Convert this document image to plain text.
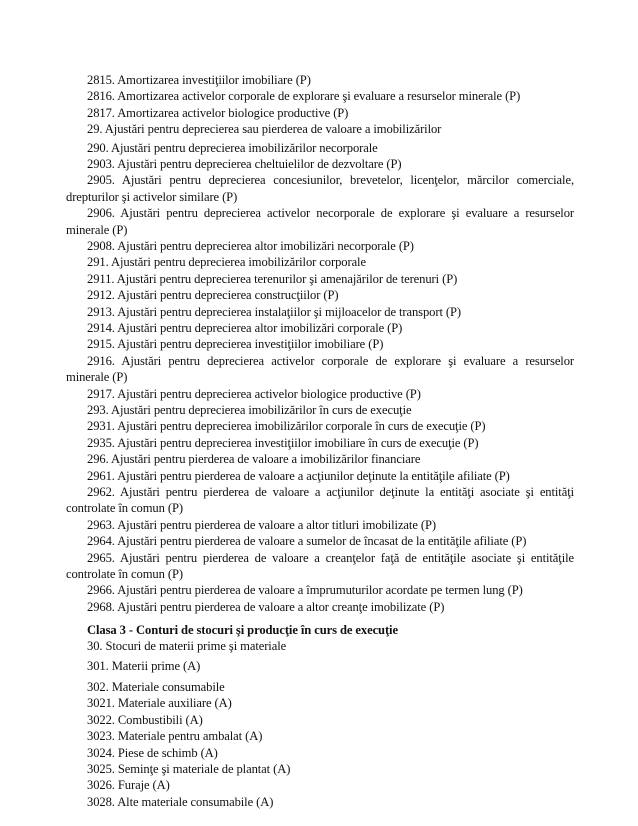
2815. Amortizarea investiţiilor imobiliare (P)
2816. Amortizarea activelor corporale de explorare şi evaluare a resurselor minerale (P)
2817. Amortizarea activelor biologice productive (P)
29. Ajustări pentru deprecierea sau pierderea de valoare a imobilizărilor
290. Ajustări pentru deprecierea imobilizărilor necorporale
2903. Ajustări pentru deprecierea cheltuielilor de dezvoltare (P)
2905. Ajustări pentru deprecierea concesiunilor, brevetelor, licenţelor, mărcilor comerciale,
drepturilor şi activelor similare (P)
2906. Ajustări pentru deprecierea activelor necorporale de explorare şi evaluare a resurselor
minerale (P)
2908. Ajustări pentru deprecierea altor imobilizări necorporale (P)
291. Ajustări pentru deprecierea imobilizărilor corporale
2911. Ajustări pentru deprecierea terenurilor şi amenajărilor de terenuri (P)
2912. Ajustări pentru deprecierea construcţiilor (P)
2913. Ajustări pentru deprecierea instalaţiilor şi mijloacelor de transport (P)
2914. Ajustări pentru deprecierea altor imobilizări corporale (P)
2915. Ajustări pentru deprecierea investiţiilor imobiliare (P)
2916. Ajustări pentru deprecierea activelor corporale de explorare şi evaluare a resurselor
minerale (P)
2917. Ajustări pentru deprecierea activelor biologice productive (P)
293. Ajustări pentru deprecierea imobilizărilor în curs de execuţie
2931. Ajustări pentru deprecierea imobilizărilor corporale în curs de execuţie (P)
2935. Ajustări pentru deprecierea investiţiilor imobiliare în curs de execuţie (P)
296. Ajustări pentru pierderea de valoare a imobilizărilor financiare
2961. Ajustări pentru pierderea de valoare a acţiunilor deţinute la entităţile afiliate (P)
2962. Ajustări pentru pierderea de valoare a acţiunilor deţinute la entităţi asociate şi entităţi
controlate în comun (P)
2963. Ajustări pentru pierderea de valoare a altor titluri imobilizate (P)
2964. Ajustări pentru pierderea de valoare a sumelor de încasat de la entităţile afiliate (P)
2965. Ajustări pentru pierderea de valoare a creanţelor faţă de entităţile asociate şi entităţile
controlate în comun (P)
2966. Ajustări pentru pierderea de valoare a împrumuturilor acordate pe termen lung (P)
2968. Ajustări pentru pierderea de valoare a altor creanţe imobilizate (P)
Clasa 3 - Conturi de stocuri şi producţie în curs de execuţie
30. Stocuri de materii prime şi materiale
301. Materii prime (A)
302. Materiale consumabile
3021. Materiale auxiliare (A)
3022. Combustibili (A)
3023. Materiale pentru ambalat (A)
3024. Piese de schimb (A)
3025. Seminţe şi materiale de plantat (A)
3026. Furaje (A)
3028. Alte materiale consumabile (A)
